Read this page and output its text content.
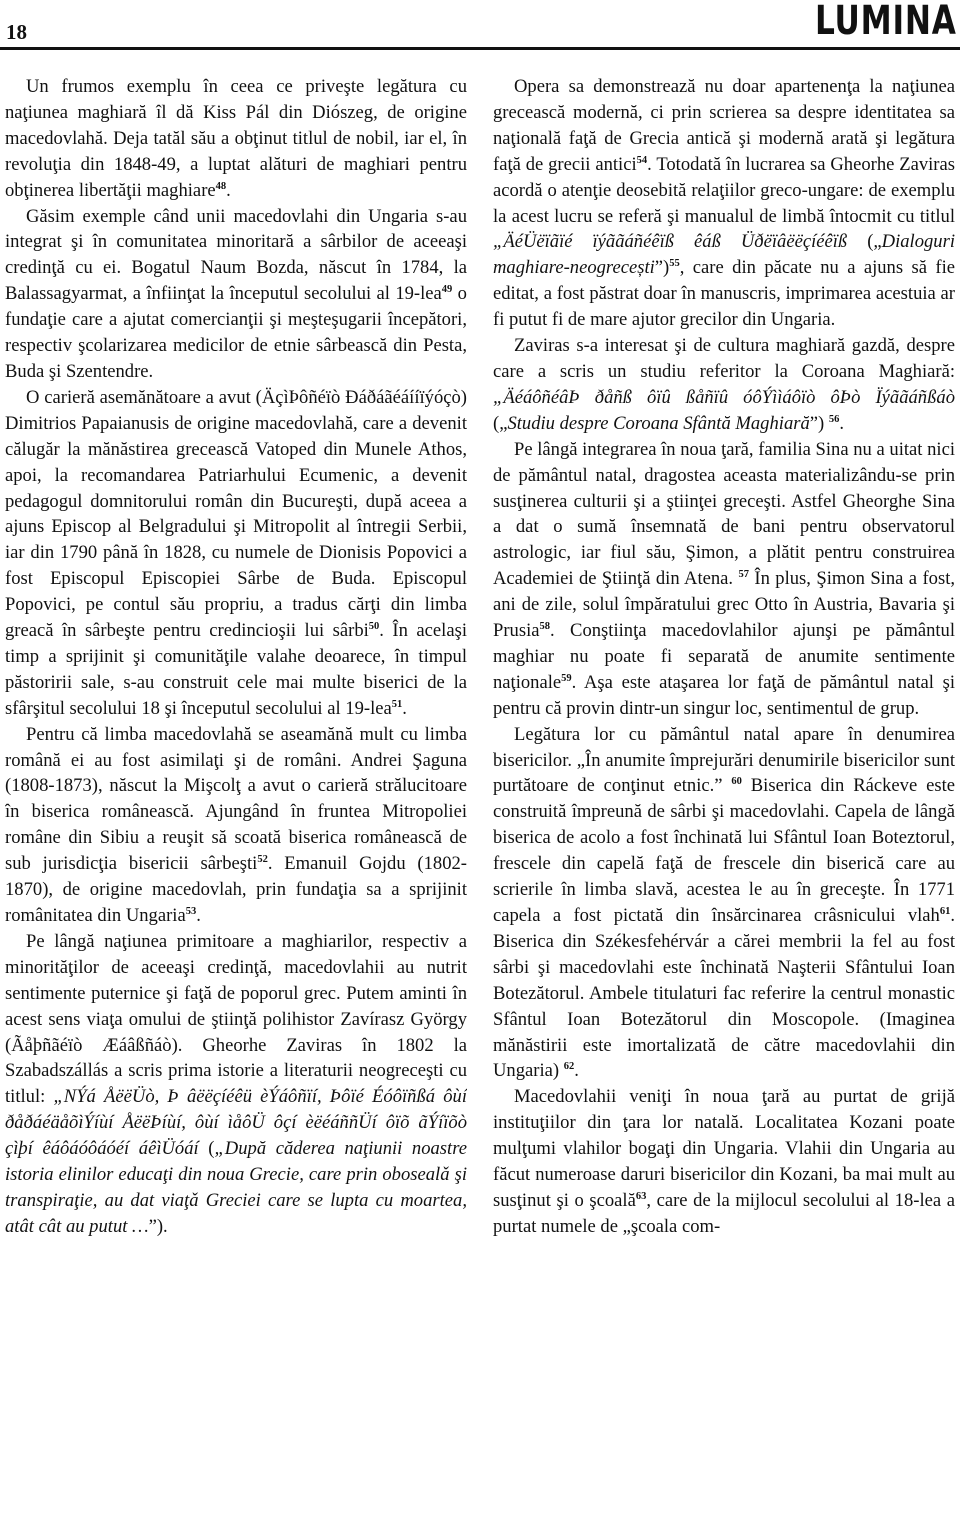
18	LUMINA

Un frumos exemplu în ceea ce priveşte legătura cu naţiunea maghiară îl dă Kiss Pál din Diószeg, de origine macedovlahă. Deja tatăl său a obţinut titlul de nobil, iar el, în revoluţia din 1848-49, a luptat alături de maghiari pentru obţinerea libertăţii maghiare$^{48}$.

Găsim exemple când unii macedovlahi din Ungaria s-au integrat şi în comunitatea minoritară a sârbilor de aceeaşi credinţă cu ei. Bogatul Naum Bozda, născut în 1784, la Balassagyarmat, a înfiinţat la începutul secolului al 19-lea$^{49}$ o fundaţie care a ajutat comercianţii şi meşteşugarii începători, respectiv şcolarizarea medicilor de etnie sârbească din Pesta, Buda şi Szentendre.

O carieră asemănătoare a avut (ÄçìÞôñéïò Ðáðáãéáííïýóçò) Dimitrios Papaianusis de origine macedovlahă, care a devenit călugăr la mănăstirea grecească Vatoped din Munele Athos, apoi, la recomandarea Patriarhului Ecumenic, a devenit pedagogul domnitorului român din Bucureşti, după aceea a ajuns Episcop al Belgradului şi Mitropolit al întregii Serbii, iar din 1790 până în 1828, cu numele de Dionisis Popovici a fost Episcopul Episcopiei Sârbe de Buda. Episcopul Popovici, pe contul său propriu, a tradus cărţi din limba greacă în sârbeşte pentru credincioşii lui sârbi$^{50}$. În acelaşi timp a sprijinit şi comunităţile valahe deoarece, în timpul păstoririi sale, s-au construit cele mai multe biserici de la sfârşitul secolului 18 şi începutul secolului al 19-lea$^{51}$.

Pentru că limba macedovlahă se aseamănă mult cu limba română ei au fost asimilaţi şi de români. Andrei Şaguna (1808-1873), născut la Mişcolţ a avut o carieră strălucitoare în biserica românească. Ajungând în fruntea Mitropoliei române din Sibiu a reuşit să scoată biserica românească de sub jurisdicţia bisericii sârbeşti$^{52}$. Emanuil Gojdu (1802-1870), de origine macedovlah, prin fundaţia sa a sprijinit românitatea din Ungaria$^{53}$.

Pe lângă naţiunea primitoare a maghiarilor, respectiv a minorităţilor de aceeaşi credinţă, macedovlahii au nutrit sentimente puternice şi faţă de poporul grec. Putem aminti în acest sens viaţa omului de ştiinţă polihistor Zavírasz György (Ãåþñãéïò Æáâßñáò). Gheorhe Zaviras în 1802 la Szabadszállás a scris prima istorie a literaturii neogreceşti cu titlul: „NÝá ÅëëÜò, Þ âëëçíéêü èÝáôñïí, Þôïé Éóôïñßá ôùí ðåðáéäåõìÝíùí ÅëëÞíùí, ôùí ìåôÜ ôçí èëéáññÜí ôïõ ãÝíïõò çìþí êáôáóôáóéí áêìÜóáí („După căderea naţiunii noastre istoria elinilor educaţi din noua Grecie, care prin obosealǎ şi transpiraţie, au dat viaţǎ Greciei care se lupta cu moartea, atât cât au putut …”).

Opera sa demonstrează nu doar apartenenţa la naţiunea grecească modernă, ci prin scrierea sa despre identitatea sa naţională faţă de Grecia antică şi modernă arată şi legătura faţă de grecii antici$^{54}$. Totodată în lucrarea sa Gheorhe Zaviras acordă o atenţie deosebită relaţiilor greco-ungare: de exemplu la acest lucru se referă şi manualul de limbă întocmit cu titlul „ÄéÜëïãïé ïýããáñéêïß êáß Üðëïâëëçíéêïß („Dialoguri maghiare-neogrecești”)$^{55}$, care din păcate nu a ajuns să fie editat, a fost păstrat doar în manuscris, imprimarea acestuia ar fi putut fi de mare ajutor grecilor din Ungaria.

Zaviras s-a interesat şi de cultura maghiară gazdă, despre care a scris un studiu referitor la Coroana Maghiară: „ÄéáôñéâÞ ðåñß ôïû ßåñïû óôÝììáôïò ôÞò Ïýããáñßáò („Studiu despre Coroana Sfântă Maghiară”) $^{56}$.

Pe lângă integrarea în noua ţară, familia Sina nu a uitat nici de pământul natal, dragostea aceasta materializându-se prin susţinerea culturii şi a ştiinţei greceşti. Astfel Gheorghe Sina a dat o sumă însemnată de bani pentru observatorul astrologic, iar fiul său, Şimon, a plătit pentru construirea Academiei de Ştiinţă din Atena. $^{57}$ În plus, Şimon Sina a fost, ani de zile, solul împăratului grec Otto în Austria, Bavaria şi Prusia$^{58}$. Conştiinţa macedovlahilor ajunşi pe pământul maghiar nu poate fi separată de anumite sentimente naţionale$^{59}$. Aşa este ataşarea lor faţă de pământul natal şi pentru că provin dintr-un singur loc, sentimentul de grup.

Legătura lor cu pământul natal apare în denumirea bisericilor. „În anumite împrejurări denumirile bisericilor sunt purtătoare de conţinut etnic.” $^{60}$ Biserica din Ráckeve este construită împreună de sârbi şi macedovlahi. Capela de lângă biserica de acolo a fost închinată lui Sfântul Ioan Boteztorul, frescele din capelă faţă de frescele din biserică care au scrierile în limba slavă, acestea le au în greceşte. În 1771 capela a fost pictată din însărcinarea crâsnicului vlah$^{61}$. Biserica din Székesfehérvár a cărei membrii la fel au fost sârbi şi macedovlahi este închinată Naşterii Sfântului Ioan Botezătorul. Ambele titulaturi fac referire la centrul monastic Sfântul Ioan Botezătorul din Moscopole. (Imaginea mănăstirii este imortalizată de către macedovlahii din Ungaria) $^{62}$.

Macedovlahii veniţi în noua ţară au purtat de grijă instituţiilor din ţara lor natală. Localitatea Kozani poate mulţumi vlahilor bogaţi din Ungaria. Vlahii din Ungaria au făcut numeroase daruri bisericilor din Kozani, ba mai mult au susţinut şi o şcoală$^{63}$, care de la mijlocul secolului al 18-lea a purtat numele de „şcoala com-
